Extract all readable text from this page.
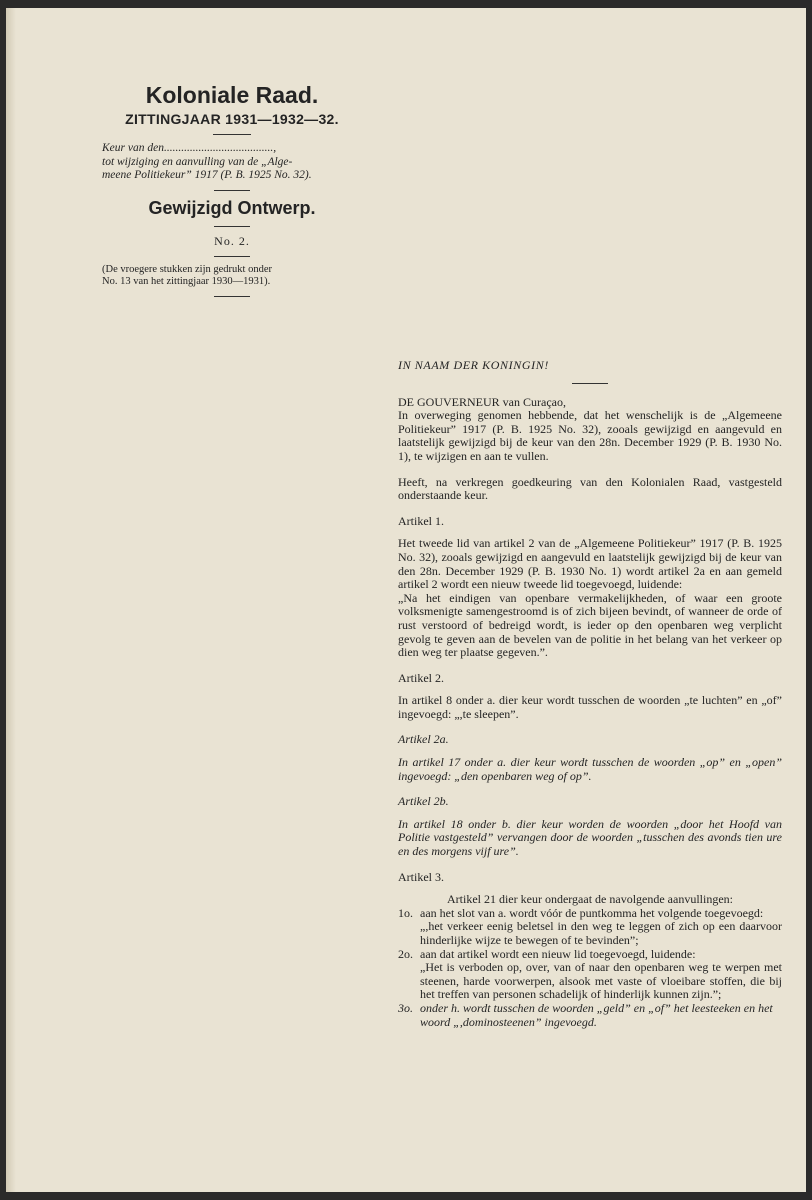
Koloniale Raad.
ZITTINGJAAR 1931—1932—32.

Keur van den......................................,
tot wijziging en aanvulling van de „Alge-
meene Politiekeur” 1917 (P. B. 1925 No. 32).

Gewijzigd Ontwerp.

No. 2.

(De vroegere stukken zijn gedrukt onder
No. 13 van het zittingjaar 1930—1931).

IN NAAM DER KONINGIN!

DE GOUVERNEUR van Curaçao,

In overweging genomen hebbende, dat het wenschelijk is de „Algemeene Politiekeur” 1917 (P. B. 1925 No. 32), zooals gewijzigd en aangevuld en laatstelijk gewijzigd bij de keur van den 28n. December 1929 (P. B. 1930 No. 1), te wijzigen en aan te vullen.

Heeft, na verkregen goedkeuring van den Kolonialen Raad, vastgesteld onderstaande keur.

Artikel 1.

Het tweede lid van artikel 2 van de „Algemeene Politiekeur” 1917 (P. B. 1925 No. 32), zooals gewijzigd en aangevuld en laatstelijk gewijzigd bij de keur van den 28n. December 1929 (P. B. 1930 No. 1) wordt artikel 2a en aan gemeld artikel 2 wordt een nieuw tweede lid toegevoegd, luidende:

„Na het eindigen van openbare vermakelijkheden, of waar een groote volksmenigte samengestroomd is of zich bijeen bevindt, of wanneer de orde of rust verstoord of bedreigd wordt, is ieder op den openbaren weg verplicht gevolg te geven aan de bevelen van de politie in het belang van het verkeer op dien weg ter plaatse gegeven.”.

Artikel 2.

In artikel 8 onder a. dier keur wordt tusschen de woorden „te luchten” en „of” ingevoegd: „,te sleepen”.

Artikel 2a.

In artikel 17 onder a. dier keur wordt tusschen de woorden „op” en „open” ingevoegd: „den openbaren weg of op”.

Artikel 2b.

In artikel 18 onder b. dier keur worden de woorden „door het Hoofd van Politie vastgesteld” vervangen door de woorden „tusschen des avonds tien ure en des morgens vijf ure”.

Artikel 3.

Artikel 21 dier keur ondergaat de navolgende aanvullingen:

1o. aan het slot van a. wordt vóór de puntkomma het volgende toegevoegd:
„,het verkeer eenig beletsel in den weg te leggen of zich op een daarvoor hinderlijke wijze te bewegen of te bevinden”;
2o. aan dat artikel wordt een nieuw lid toegevoegd, luidende:
„Het is verboden op, over, van of naar den openbaren weg te werpen met steenen, harde voorwerpen, alsook met vaste of vloeibare stoffen, die bij het treffen van personen schadelijk of hinderlijk kunnen zijn.”;
3o. onder h. wordt tusschen de woorden „geld” en „of” het leesteeken en het woord „,dominosteenen” ingevoegd.
